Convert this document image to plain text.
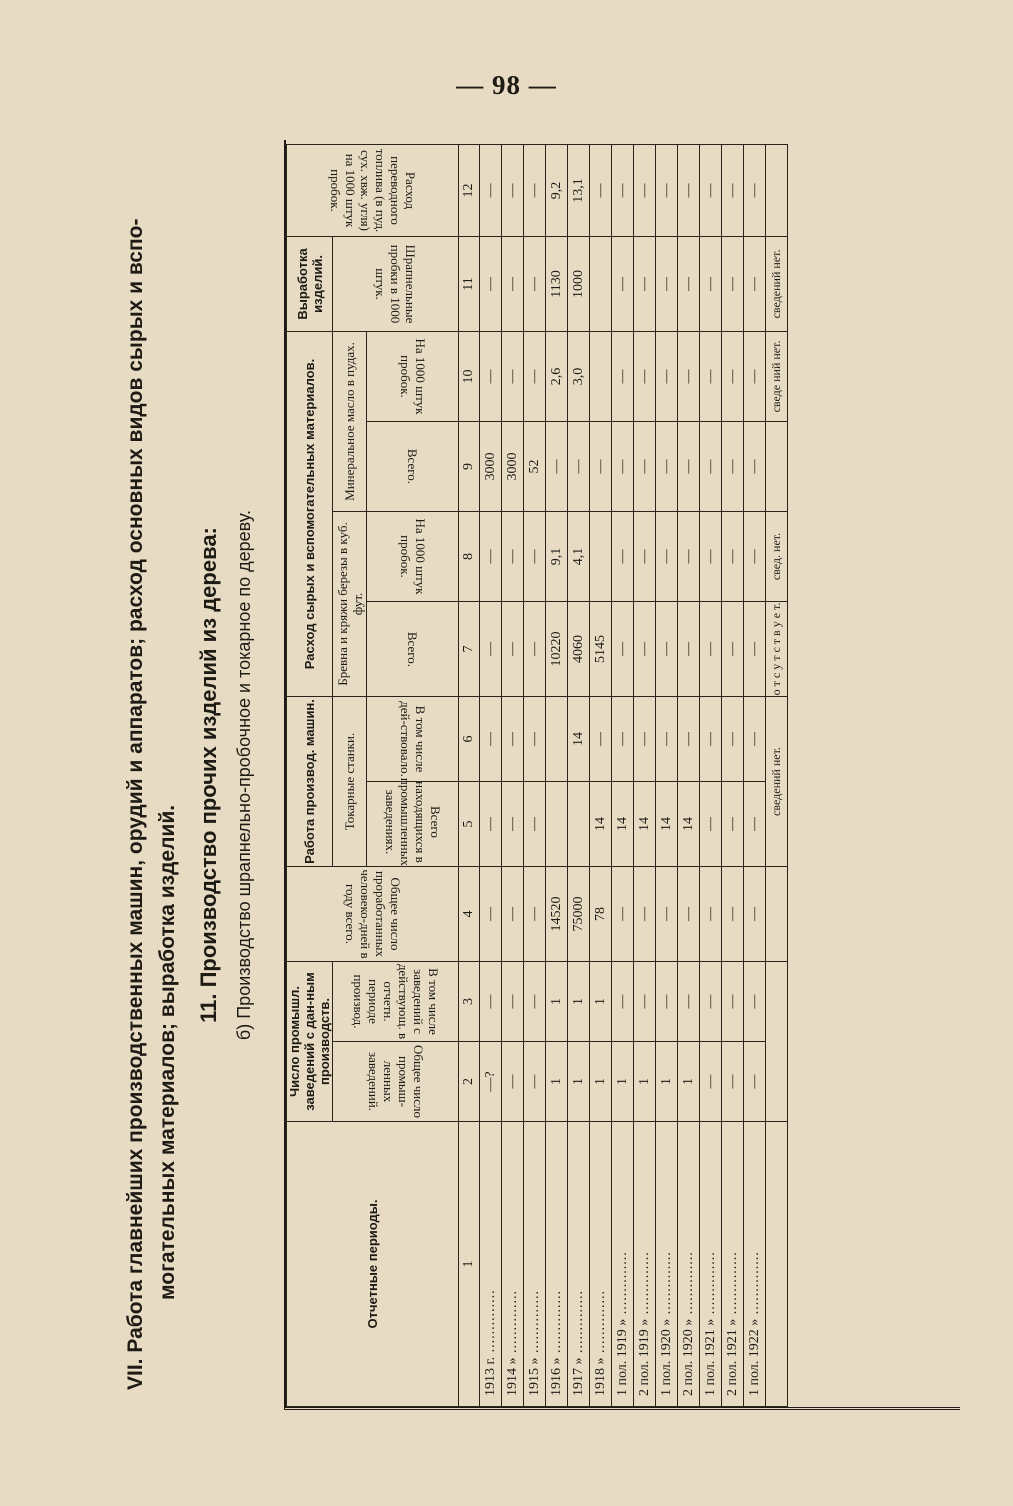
— 98 —
VII. Работа главнейших производственных машин, орудий и аппаратов; расход основных видов сырых и вспо- могательных материалов; выработка изделий.
11. Производство прочих изделий из дерева: б) Производство шрапнельно-пробочное и токарное по дереву.
Отчетные периоды.	Число промышл. заведений с дан-ным производств.		Общее число проработанных человеко-дней в году всего.	Работа производ. машин.		Расход сырых и вспомогательных материалов.				Выработка изделий.	Расход переводного топлива (в пуд. сух. хвж. угля) на 1000 штук пробок.
	Общее число промыш-ленных заведений.	В том числе заведений с действующ. в отчетн. периоде производ.		Токарные станки.		Бревна и кряжи березы в куб. фут.		Минеральное масло в пудах.		Шрапнельные пробки в 1000 штук.	
				Всего находящихся в промышленных заведениях.	В том числе дей-ствовало.	Всего.	На 1000 штук пробок.	Всего.	На 1000 штук пробок.		
1	2	3	4	5	6	7	8	9	10	11	12
1913 г. ..............	—?	—	—	—	—	—	—	3000	—	—	—
1914 » ..............	—	—	—	—	—	—	—	3000	—	—	—
1915 » ..............	—	—	—	—	—	—	—	52	—	—	—
1916 » ..............	1	1	14520			10220	9,1	—	2,6	1130	9,2
1917 » ..............	1	1	75000		14	4060	4,1	—	3,0	1000	13,1
1918 » ..............	1	1	78	14	—	5145		—			—
1 пол. 1919 » ..............	1	—	—	14	—	—	—	—	—	—	—
2 пол. 1919 » ..............	1	—	—	14	—	—	—	—	—	—	—
1 пол. 1920 » ..............	1	—	—	14	—	—	—	—	—	—	—
2 пол. 1920 » ..............	1	—	—	14	—	—	—	—	—	—	—
1 пол. 1921 » ..............	—	—	—	—	—	—	—	—	—	—	—
2 пол. 1921 » ..............	—	—	—	—	—	—	—	—	—	—	—
1 пол. 1922 » ..............	—	—	—	—	—	—	—	—	—	—	—
				сведений нет.		о т с у т с т в у е т.	свед. нет.		сведе ний нет.	сведений нет.	
